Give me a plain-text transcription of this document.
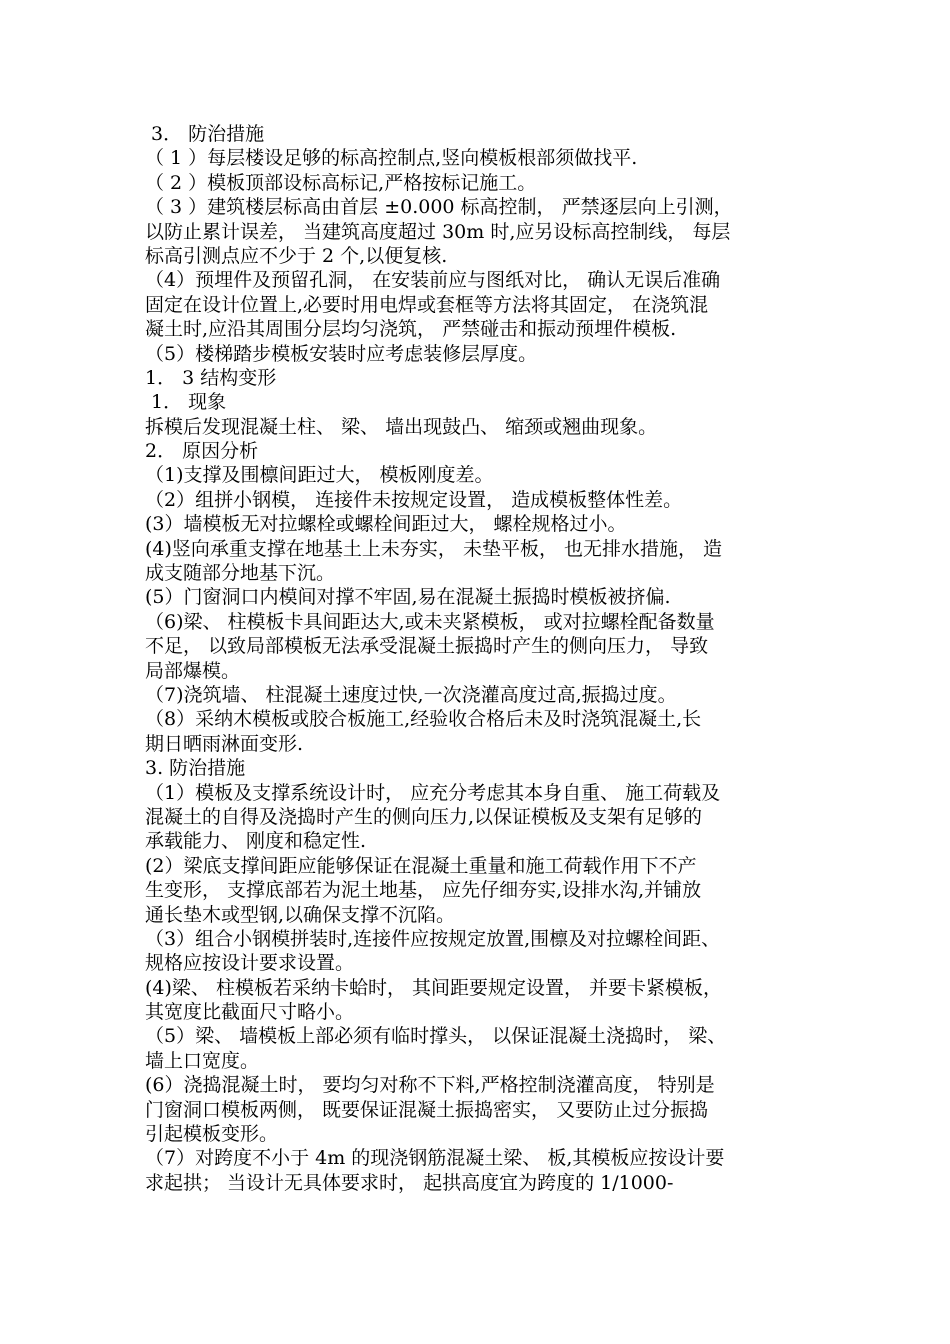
3． 防治措施
（ 1 ）每层楼设足够的标高控制点,竖向模板根部须做找平.
（ 2 ）模板顶部设标高标记,严格按标记施工。
（ 3 ）建筑楼层标高由首层 ±0.000 标高控制， 严禁逐层向上引测，
以防止累计误差， 当建筑高度超过 30m 时,应另设标高控制线， 每层
标高引测点应不少于 2 个,以便复核.
（4）预埋件及预留孔洞， 在安装前应与图纸对比， 确认无误后准确
固定在设计位置上,必要时用电焊或套框等方法将其固定， 在浇筑混
凝土时,应沿其周围分层均匀浇筑， 严禁碰击和振动预埋件模板.
（5）楼梯踏步模板安装时应考虑装修层厚度。
1． 3 结构变形
1． 现象
拆模后发现混凝土柱、 梁、 墙出现鼓凸、 缩颈或翘曲现象。
2． 原因分析
（1)支撑及围檩间距过大， 模板刚度差。
（2）组拼小钢模， 连接件未按规定设置， 造成模板整体性差。
(3）墙模板无对拉螺栓或螺栓间距过大， 螺栓规格过小。
(4)竖向承重支撑在地基土上未夯实， 未垫平板， 也无排水措施， 造
成支随部分地基下沉。
(5）门窗洞口内模间对撑不牢固,易在混凝土振捣时模板被挤偏.
（6)梁、 柱模板卡具间距达大,或未夹紧模板， 或对拉螺栓配备数量
不足， 以致局部模板无法承受混凝土振捣时产生的侧向压力， 导致
局部爆模。
（7)浇筑墙、 柱混凝土速度过快,一次浇灌高度过高,振捣过度。
（8）采纳木模板或胶合板施工,经验收合格后未及时浇筑混凝土,长
期日晒雨淋面变形.
3. 防治措施
（1）模板及支撑系统设计时， 应充分考虑其本身自重、 施工荷载及
混凝土的自得及浇捣时产生的侧向压力,以保证模板及支架有足够的
承载能力、 刚度和稳定性.
(2）梁底支撑间距应能够保证在混凝土重量和施工荷载作用下不产
生变形， 支撑底部若为泥土地基， 应先仔细夯实,设排水沟,并铺放
通长垫木或型钢,以确保支撑不沉陷。
（3）组合小钢模拼装时,连接件应按规定放置,围檩及对拉螺栓间距、
规格应按设计要求设置。
(4)梁、 柱模板若采纳卡蛤时， 其间距要规定设置， 并要卡紧模板，
其宽度比截面尺寸略小。
（5）梁、 墙模板上部必须有临时撑头， 以保证混凝土浇捣时， 梁、
墙上口宽度。
(6）浇捣混凝土时， 要均匀对称不下料,严格控制浇灌高度， 特别是
门窗洞口模板两侧， 既要保证混凝土振捣密实， 又要防止过分振捣
引起模板变形。
（7）对跨度不小于 4m 的现浇钢筋混凝土梁、 板,其模板应按设计要
求起拱； 当设计无具体要求时， 起拱高度宜为跨度的 1/1000-
